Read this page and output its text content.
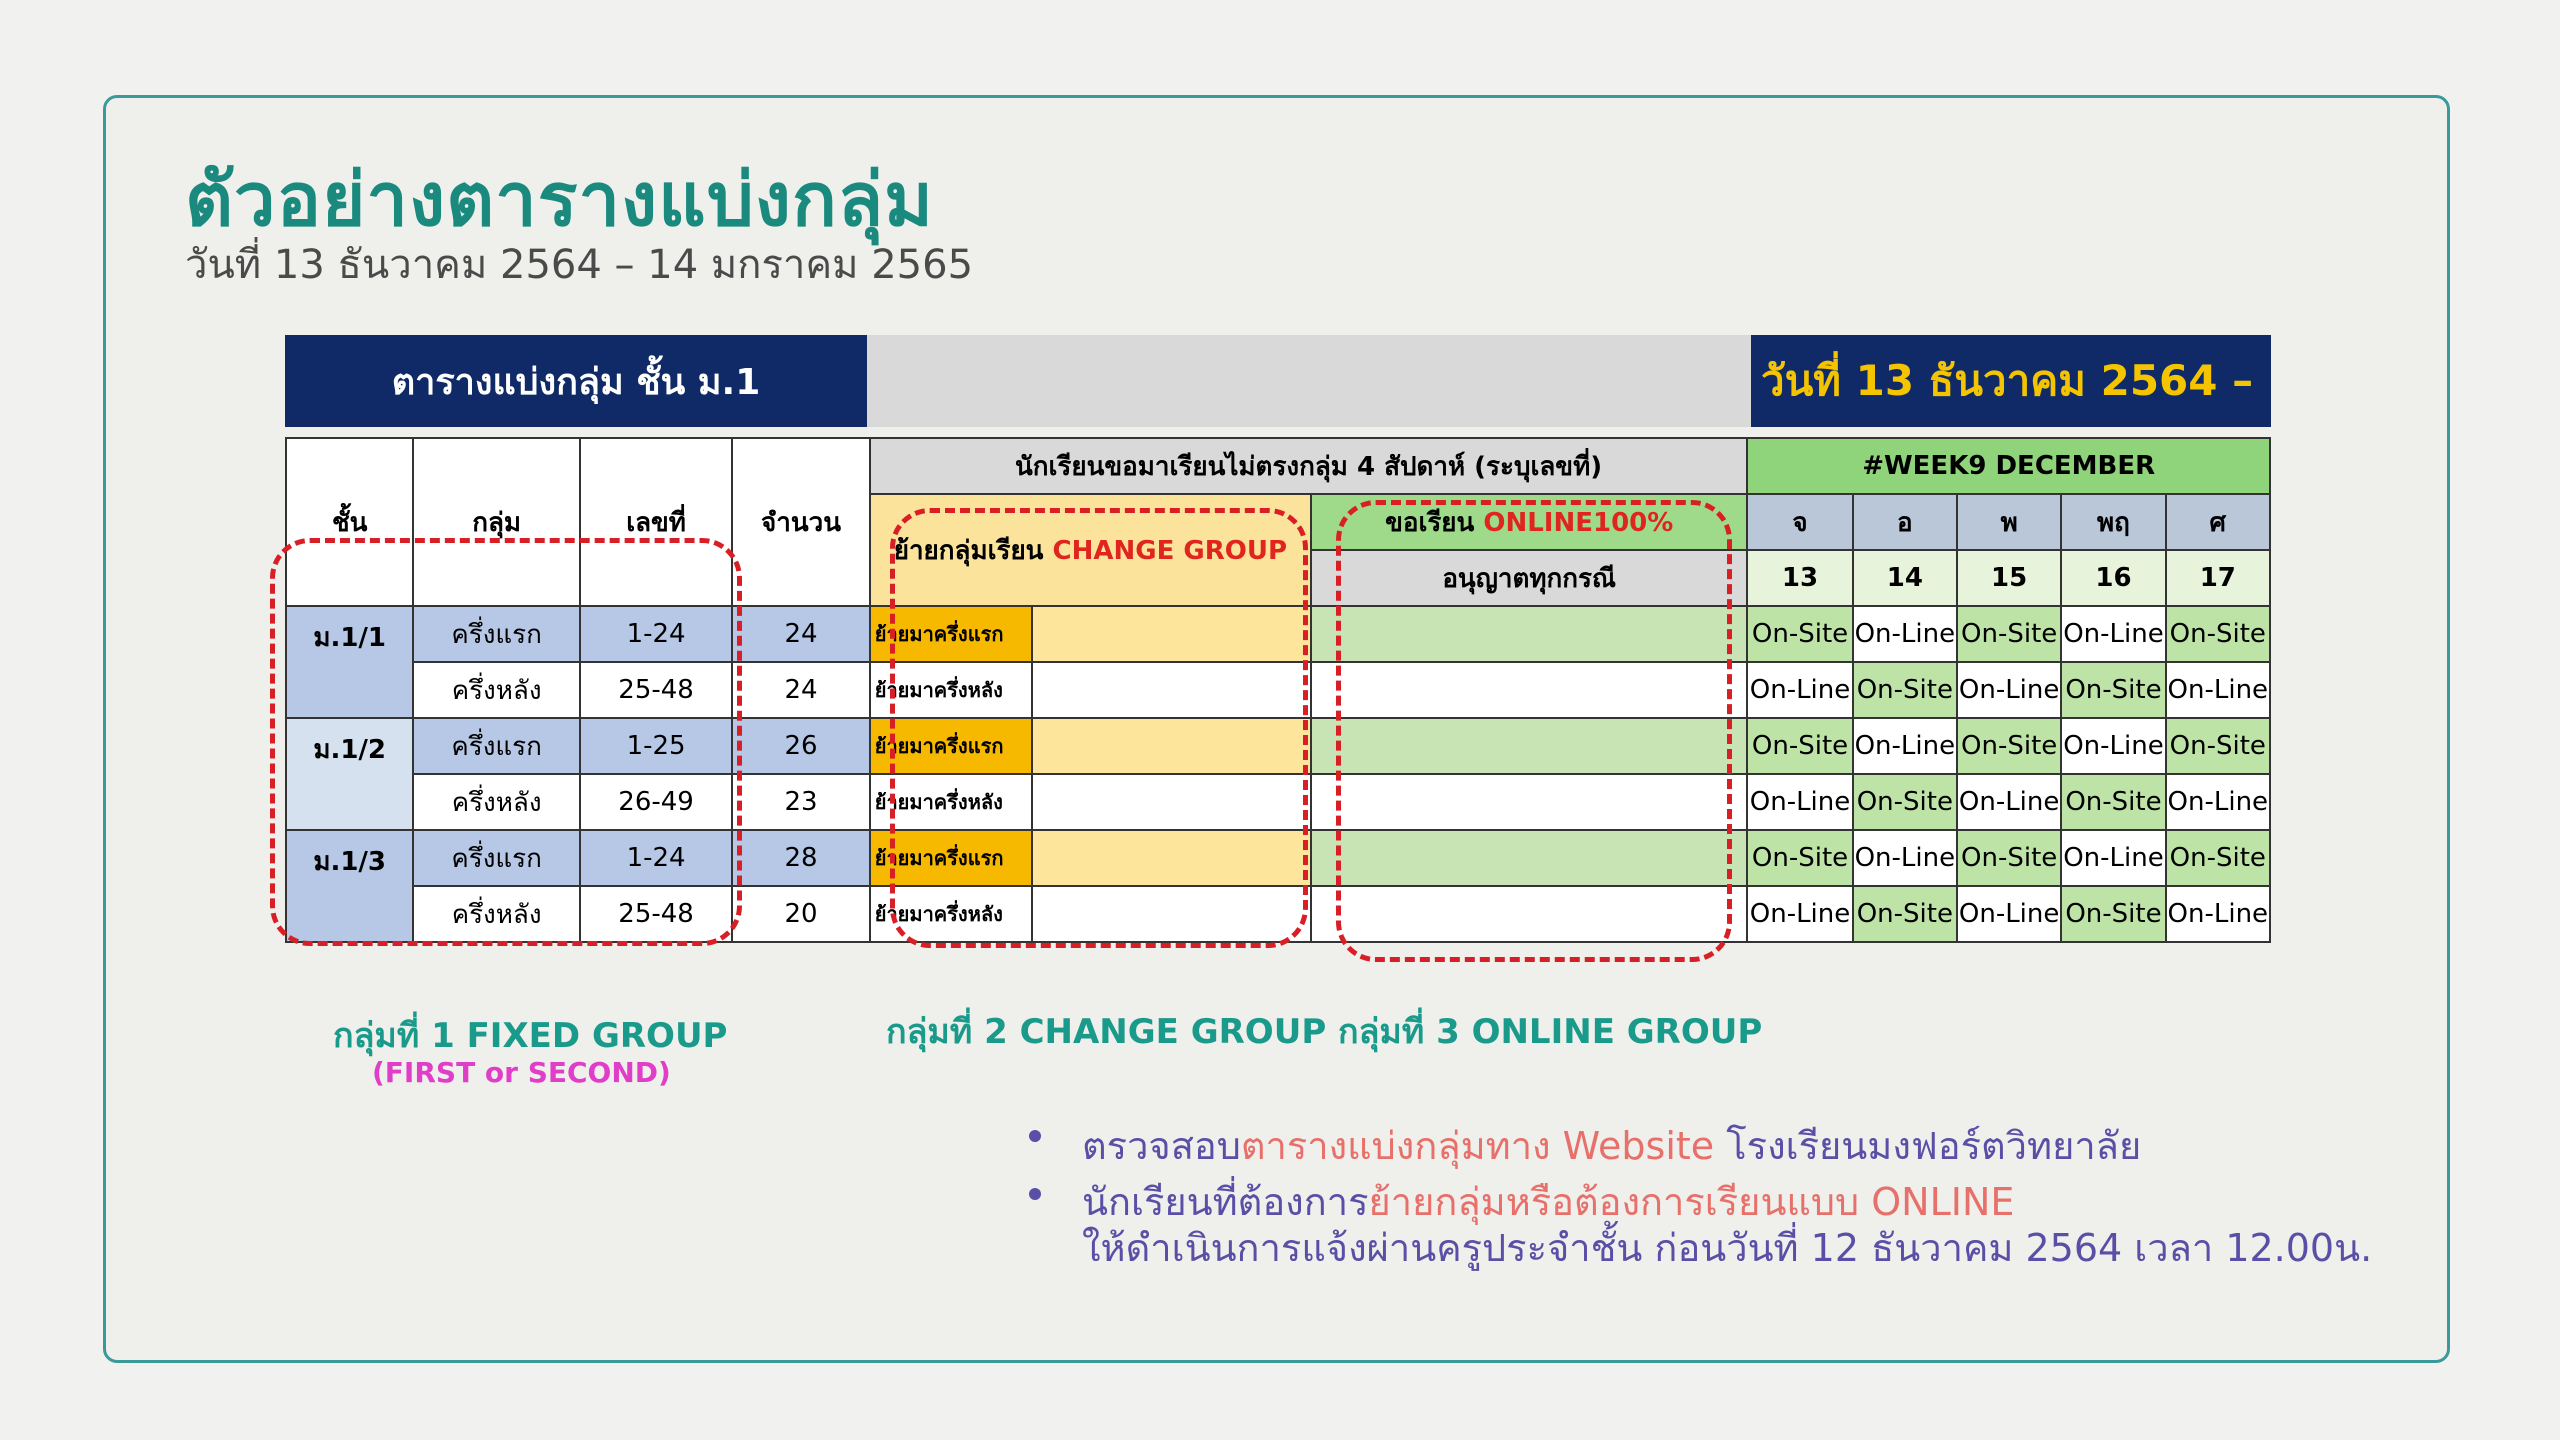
ตัวอย่างตารางแบ่งกลุ่ม
วันที่ 13 ธันวาคม 2564 – 14 มกราคม 2565
ตารางแบ่งกลุ่ม ชั้น ม.1	วันที่ 13 ธันวาคม 2564 –
ชั้น	กลุ่ม	เลขที่	จำนวน	นักเรียนขอมาเรียนไม่ตรงกลุ่ม 4 สัปดาห์ (ระบุเลขที่)			#WEEK9 DECEMBER				
				ย้ายกลุ่มเรียน CHANGE GROUP		ขอเรียน ONLINE100%	จ	อ	พ	พฤ	ศ
						อนุญาตทุกกรณี	13	14	15	16	17
ม.1/1	ครึ่งแรก	1-24	24	ย้ายมาครึ่งแรก			On-Site	On-Line	On-Site	On-Line	On-Site
	ครึ่งหลัง	25-48	24	ย้ายมาครึ่งหลัง			On-Line	On-Site	On-Line	On-Site	On-Line
ม.1/2	ครึ่งแรก	1-25	26	ย้ายมาครึ่งแรก			On-Site	On-Line	On-Site	On-Line	On-Site
	ครึ่งหลัง	26-49	23	ย้ายมาครึ่งหลัง			On-Line	On-Site	On-Line	On-Site	On-Line
ม.1/3	ครึ่งแรก	1-24	28	ย้ายมาครึ่งแรก			On-Site	On-Line	On-Site	On-Line	On-Site
	ครึ่งหลัง	25-48	20	ย้ายมาครึ่งหลัง			On-Line	On-Site	On-Line	On-Site	On-Line
กลุ่มที่ 1 FIXED GROUP
(FIRST or SECOND)
กลุ่มที่ 2 CHANGE GROUP กลุ่มที่ 3 ONLINE GROUP
ตรวจสอบตารางแบ่งกลุ่มทาง Website โรงเรียนมงฟอร์ตวิทยาลัย
นักเรียนที่ต้องการย้ายกลุ่มหรือต้องการเรียนแบบ ONLINE
ให้ดำเนินการแจ้งผ่านครูประจำชั้น ก่อนวันที่ 12 ธันวาคม 2564 เวลา 12.00น.
